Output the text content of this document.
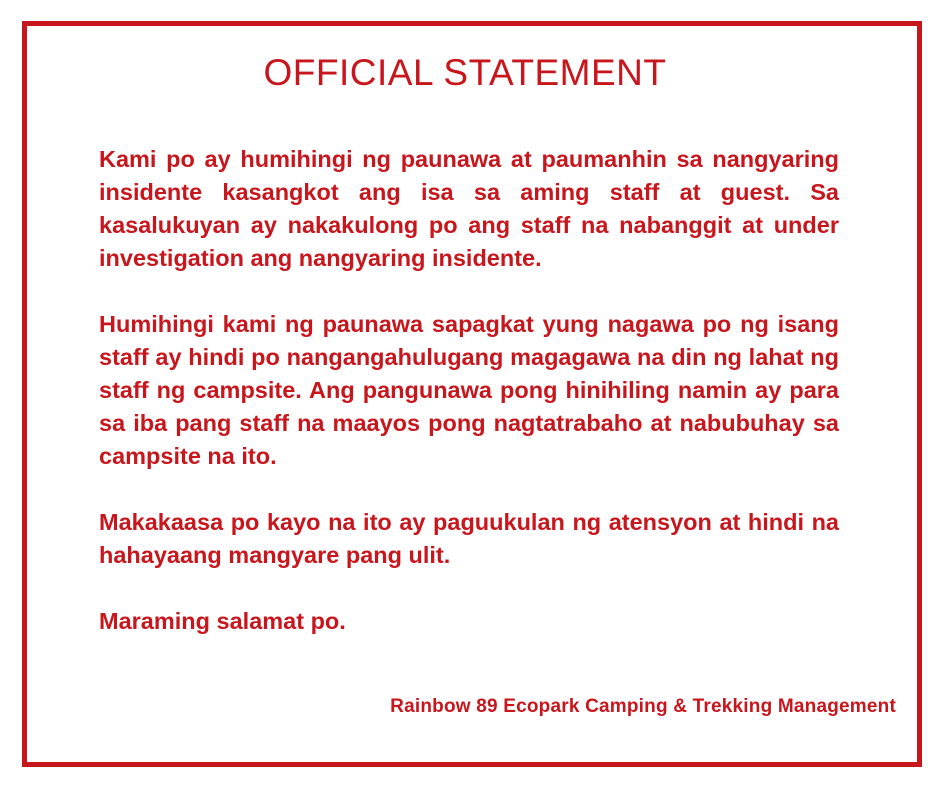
OFFICIAL STATEMENT

Kami po ay humihingi ng paunawa at paumanhin sa nangyaring insidente kasangkot ang isa sa aming staff at guest. Sa kasalukuyan ay nakakulong po ang staff na nabanggit at under investigation ang nangyaring insidente.

Humihingi kami ng paunawa sapagkat yung nagawa po ng isang staff ay hindi po nangangahulugang magagawa na din ng lahat ng staff ng campsite. Ang pangunawa pong hinihiling namin ay para sa iba pang staff na maayos pong nagtatrabaho at nabubuhay sa campsite na ito.

Makakaasa po kayo na ito ay paguukulan ng atensyon at hindi na hahayaang mangyare pang ulit.

Maraming salamat po.

Rainbow 89 Ecopark Camping & Trekking Management
